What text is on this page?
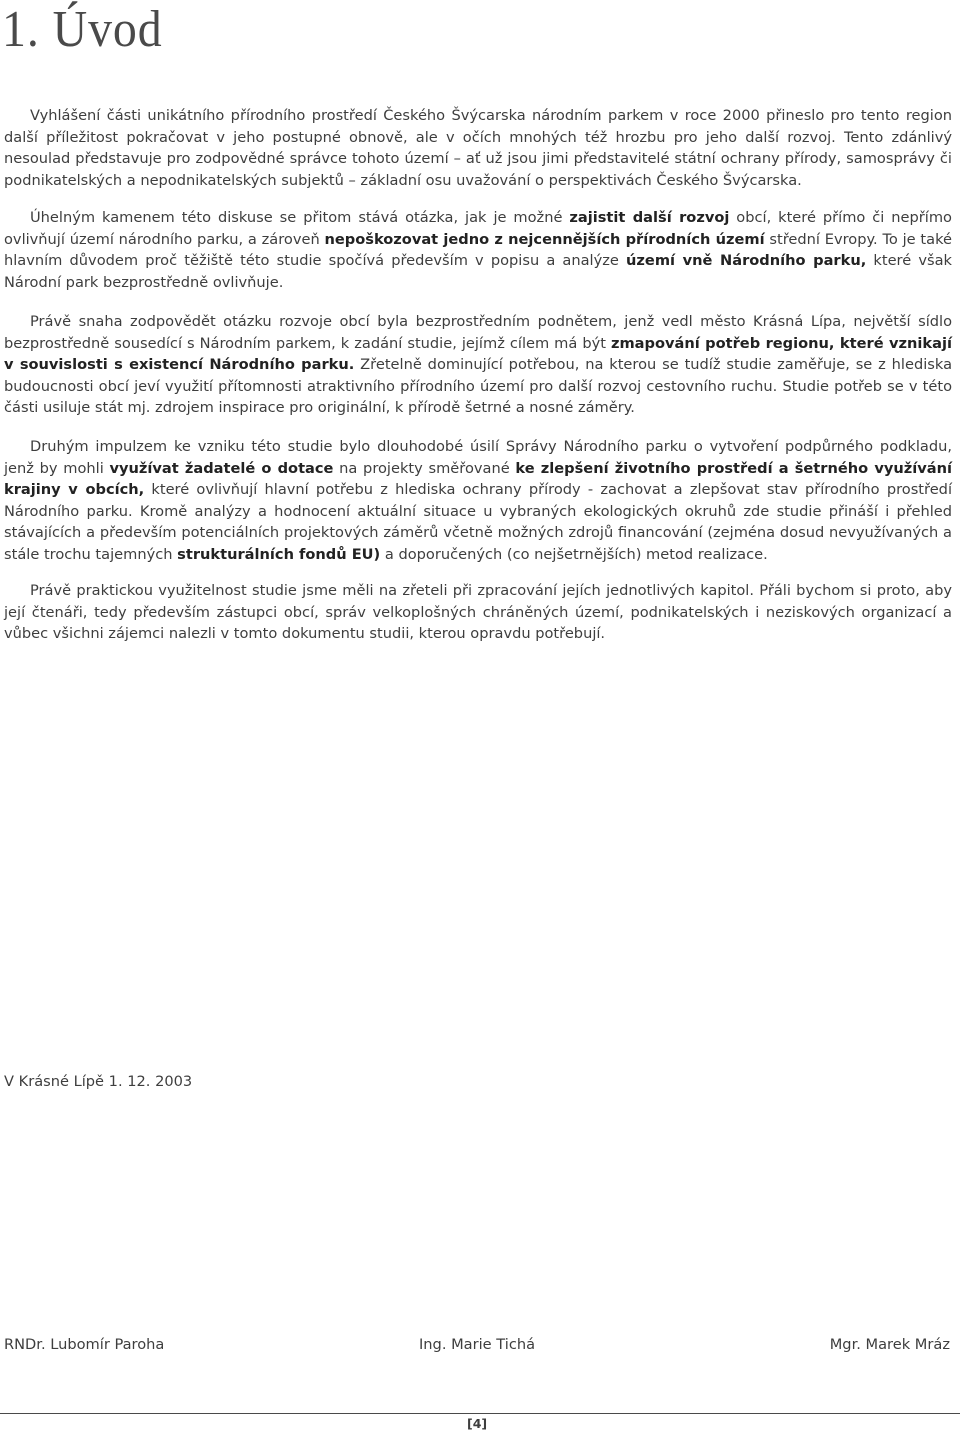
1. Úvod

Vyhlášení části unikátního přírodního prostředí Českého Švýcarska národním parkem v roce 2000 přineslo pro tento region další příležitost pokračovat v jeho postupné obnově, ale v očích mnohých též hrozbu pro jeho další rozvoj. Tento zdánlivý nesoulad představuje pro zodpovědné správce tohoto území – ať už jsou jimi představitelé státní ochrany přírody, samosprávy či podnikatelských a nepodnikatelských subjektů – základní osu uvažování o perspektivách Českého Švýcarska.

Úhelným kamenem této diskuse se přitom stává otázka, jak je možné zajistit další rozvoj obcí, které přímo či nepřímo ovlivňují území národního parku, a zároveň nepoškozovat jedno z nejcennějších přírodních území střední Evropy. To je také hlavním důvodem proč těžiště této studie spočívá především v popisu a analýze území vně Národního parku, které však Národní park bezprostředně ovlivňuje.

Právě snaha zodpovědět otázku rozvoje obcí byla bezprostředním podnětem, jenž vedl město Krásná Lípa, největší sídlo bezprostředně sousedící s Národním parkem, k zadání studie, jejímž cílem má být zmapování potřeb regionu, které vznikají v souvislosti s existencí Národního parku. Zřetelně dominující potřebou, na kterou se tudíž studie zaměřuje, se z hlediska budoucnosti obcí jeví využití přítomnosti atraktivního přírodního území pro další rozvoj cestovního ruchu. Studie potřeb se v této části usiluje stát mj. zdrojem inspirace pro originální, k přírodě šetrné a nosné záměry.

Druhým impulzem ke vzniku této studie bylo dlouhodobé úsilí Správy Národního parku o vytvoření podpůrného podkladu, jenž by mohli využívat žadatelé o dotace na projekty směřované ke zlepšení životního prostředí a šetrného využívání krajiny v obcích, které ovlivňují hlavní potřebu z hlediska ochrany přírody - zachovat a zlepšovat stav přírodního prostředí Národního parku. Kromě analýzy a hodnocení aktuální situace u vybraných ekologických okruhů zde studie přináší i přehled stávajících a především potenciálních projektových záměrů včetně možných zdrojů financování (zejména dosud nevyužívaných a stále trochu tajemných strukturálních fondů EU) a doporučených (co nejšetrnějších) metod realizace.

Právě praktickou využitelnost studie jsme měli na zřeteli při zpracování jejích jednotlivých kapitol. Přáli bychom si proto, aby její čtenáři, tedy především zástupci obcí, správ velkoplošných chráněných území, podnikatelských i neziskových organizací a vůbec všichni zájemci nalezli v tomto dokumentu studii, kterou opravdu potřebují.

V Krásné Lípě 1. 12. 2003

RNDr. Lubomír Paroha	Ing. Marie Tichá	Mgr. Marek Mráz
[4]
